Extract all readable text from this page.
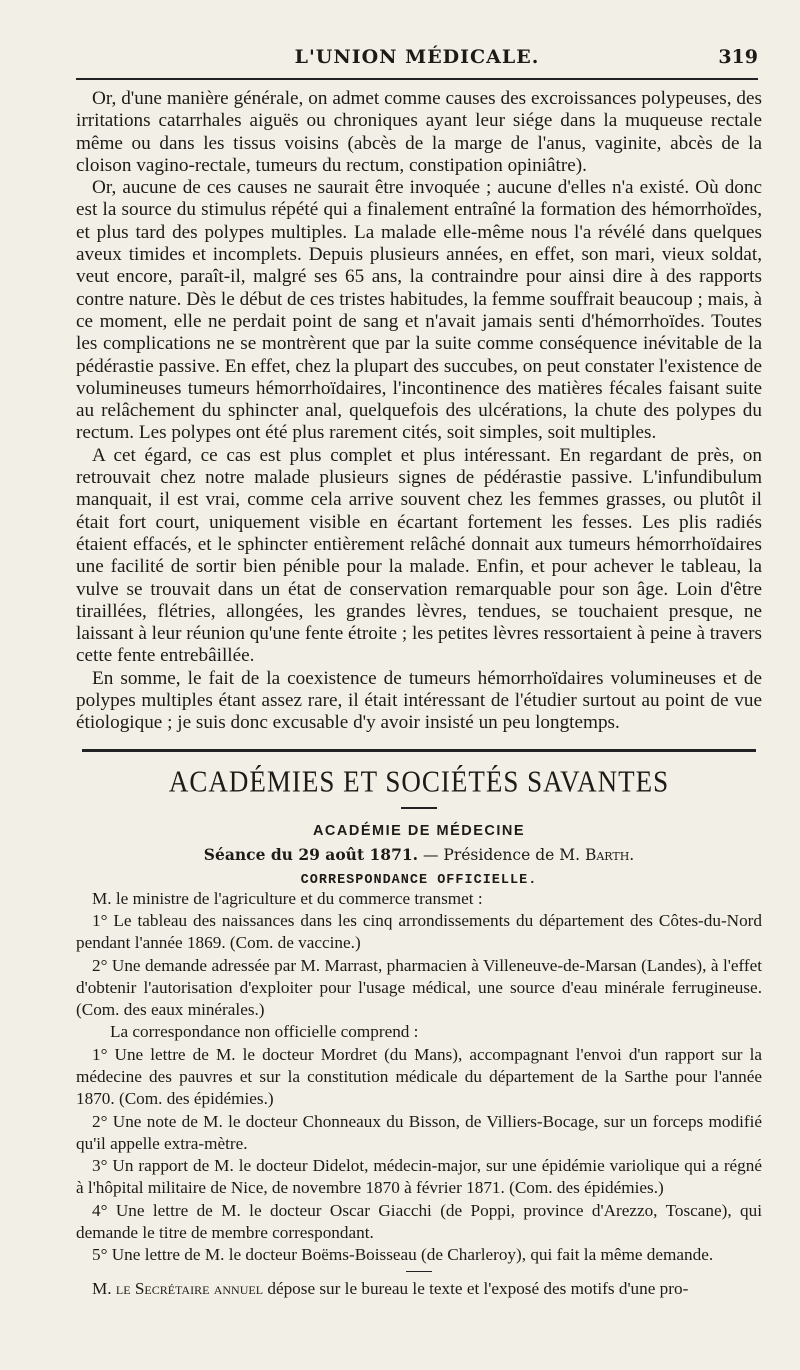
L'UNION MÉDICALE.	319

Or, d'une manière générale, on admet comme causes des excroissances polypeuses, des irritations catarrhales aiguës ou chroniques ayant leur siége dans la muqueuse rectale même ou dans les tissus voisins (abcès de la marge de l'anus, vaginite, abcès de la cloison vagino-rectale, tumeurs du rectum, constipation opiniâtre).

Or, aucune de ces causes ne saurait être invoquée ; aucune d'elles n'a existé. Où donc est la source du stimulus répété qui a finalement entraîné la formation des hémorrhoïdes, et plus tard des polypes multiples. La malade elle-même nous l'a révélé dans quelques aveux timides et incomplets. Depuis plusieurs années, en effet, son mari, vieux soldat, veut encore, paraît-il, malgré ses 65 ans, la contraindre pour ainsi dire à des rapports contre nature. Dès le début de ces tristes habitudes, la femme souffrait beaucoup ; mais, à ce moment, elle ne perdait point de sang et n'avait jamais senti d'hémorrhoïdes. Toutes les complications ne se montrèrent que par la suite comme conséquence inévitable de la pédérastie passive. En effet, chez la plupart des succubes, on peut constater l'existence de volumineuses tumeurs hémorrhoïdaires, l'incontinence des matières fécales faisant suite au relâchement du sphincter anal, quelquefois des ulcérations, la chute des polypes du rectum. Les polypes ont été plus rarement cités, soit simples, soit multiples.

A cet égard, ce cas est plus complet et plus intéressant. En regardant de près, on retrouvait chez notre malade plusieurs signes de pédérastie passive. L'infundibulum manquait, il est vrai, comme cela arrive souvent chez les femmes grasses, ou plutôt il était fort court, uniquement visible en écartant fortement les fesses. Les plis radiés étaient effacés, et le sphincter entièrement relâché donnait aux tumeurs hémorrhoïdaires une facilité de sortir bien pénible pour la malade. Enfin, et pour achever le tableau, la vulve se trouvait dans un état de conservation remarquable pour son âge. Loin d'être tiraillées, flétries, allongées, les grandes lèvres, tendues, se touchaient presque, ne laissant à leur réunion qu'une fente étroite ; les petites lèvres ressortaient à peine à travers cette fente entrebâillée.

En somme, le fait de la coexistence de tumeurs hémorrhoïdaires volumineuses et de polypes multiples étant assez rare, il était intéressant de l'étudier surtout au point de vue étiologique ; je suis donc excusable d'y avoir insisté un peu longtemps.

ACADÉMIES ET SOCIÉTÉS SAVANTES
ACADÉMIE DE MÉDECINE
Séance du 29 août 1871. — Présidence de M. Barth.
CORRESPONDANCE OFFICIELLE.

M. le ministre de l'agriculture et du commerce transmet :

1° Le tableau des naissances dans les cinq arrondissements du département des Côtes-du-Nord pendant l'année 1869. (Com. de vaccine.)

2° Une demande adressée par M. Marrast, pharmacien à Villeneuve-de-Marsan (Landes), à l'effet d'obtenir l'autorisation d'exploiter pour l'usage médical, une source d'eau minérale ferrugineuse. (Com. des eaux minérales.)

La correspondance non officielle comprend :

1° Une lettre de M. le docteur Mordret (du Mans), accompagnant l'envoi d'un rapport sur la médecine des pauvres et sur la constitution médicale du département de la Sarthe pour l'année 1870. (Com. des épidémies.)

2° Une note de M. le docteur Chonneaux du Bisson, de Villiers-Bocage, sur un forceps modifié qu'il appelle extra-mètre.

3° Un rapport de M. le docteur Didelot, médecin-major, sur une épidémie variolique qui a régné à l'hôpital militaire de Nice, de novembre 1870 à février 1871. (Com. des épidémies.)

4° Une lettre de M. le docteur Oscar Giacchi (de Poppi, province d'Arezzo, Toscane), qui demande le titre de membre correspondant.

5° Une lettre de M. le docteur Boëms-Boisseau (de Charleroy), qui fait la même demande.

M. le Secrétaire annuel dépose sur le bureau le texte et l'exposé des motifs d'une pro-
